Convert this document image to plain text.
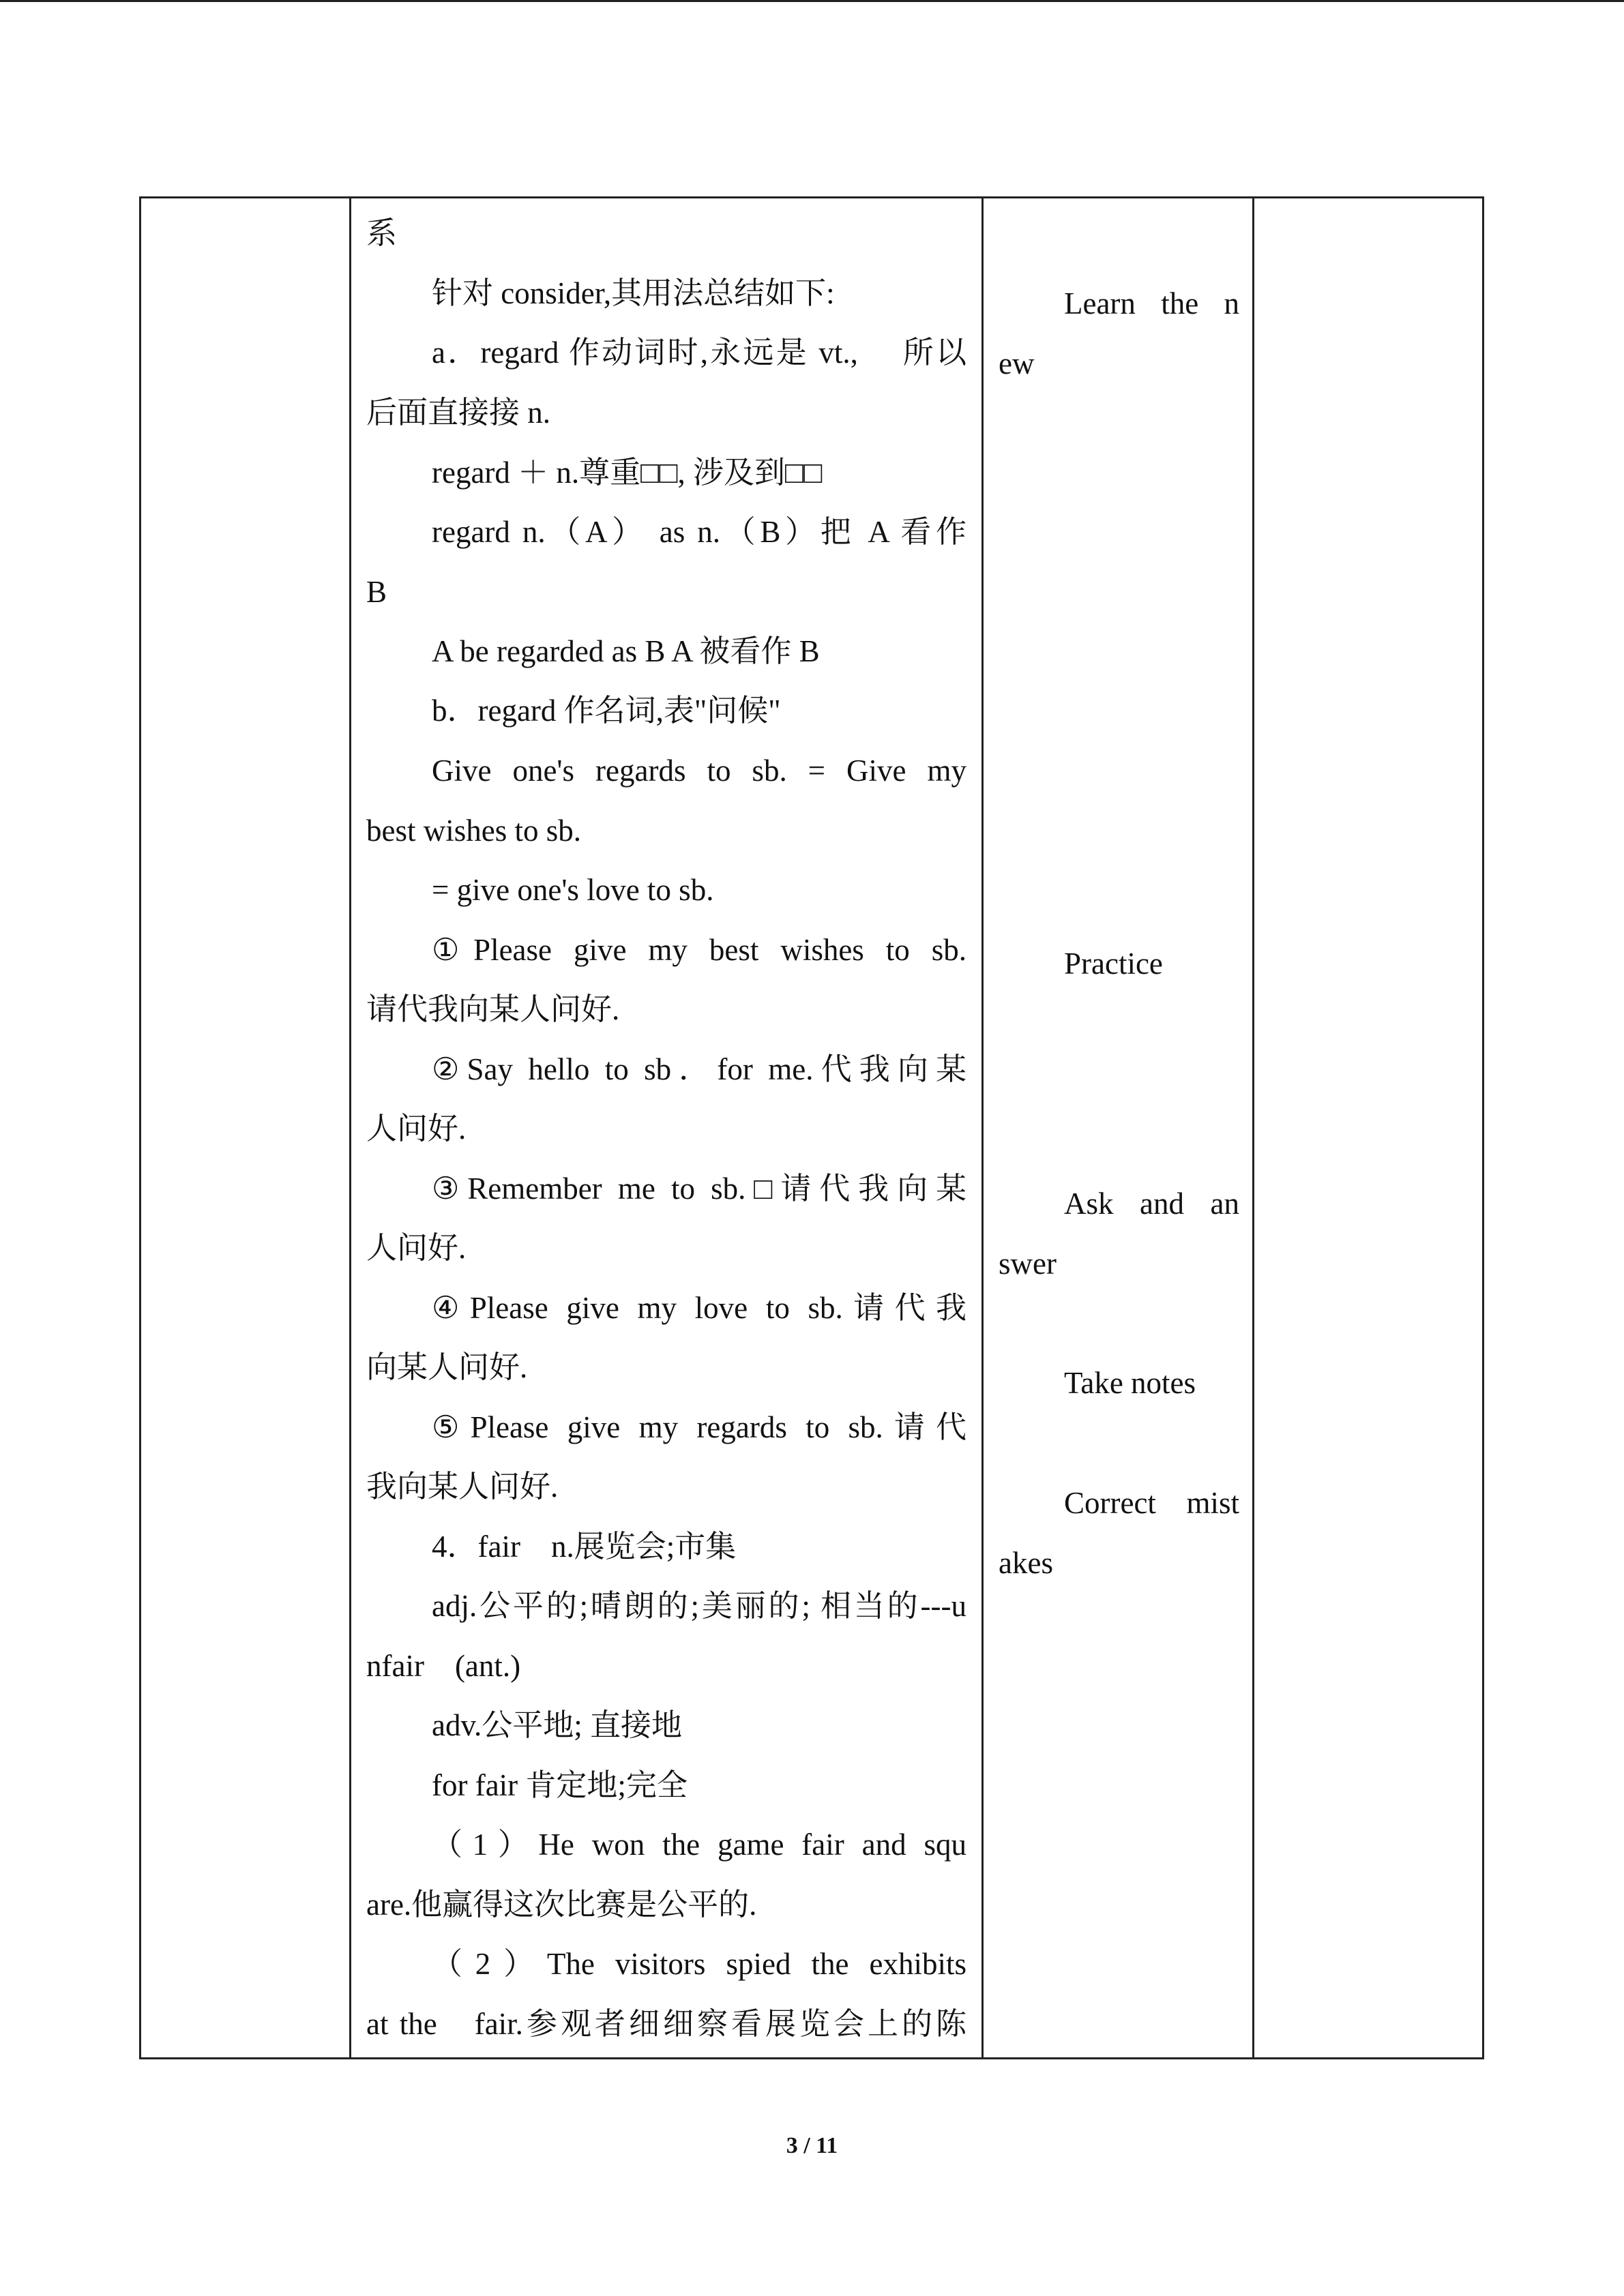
系
针对 consider,其用法总结如下:
a．regard 作动词时,永远是 vt.,　 所以
后面直接接 n.
regard ＋ n.尊重□□, 涉及到□□
regard n.（A） as n.（B）把 A 看作
B
A be regarded as B A 被看作 B
b．regard 作名词,表"问候"
Give one's regards to sb. = Give my
best wishes to sb.
= give one's love to sb.
①Please give my best wishes to sb.
请代我向某人问好.
②Say hello to sb．for me.代我向某
人问好.
③Remember me to sb.□请代我向某
人问好.
④Please give my love to sb.请代我
向某人问好.
⑤Please give my regards to sb.请代
我向某人问好.
4．fair　n.展览会;市集
adj.公平的;晴朗的;美丽的; 相当的---u
nfair　(ant.)
adv.公平地; 直接地
for fair 肯定地;完全
（1）He won the game fair and squ
are.他赢得这次比赛是公平的.
（2）The visitors spied the exhibits
at the　fair.参观者细细察看展览会上的陈
Learn the n
ew
Practice
Ask and an
swer
Take notes
Correct mist
akes
3 / 11
